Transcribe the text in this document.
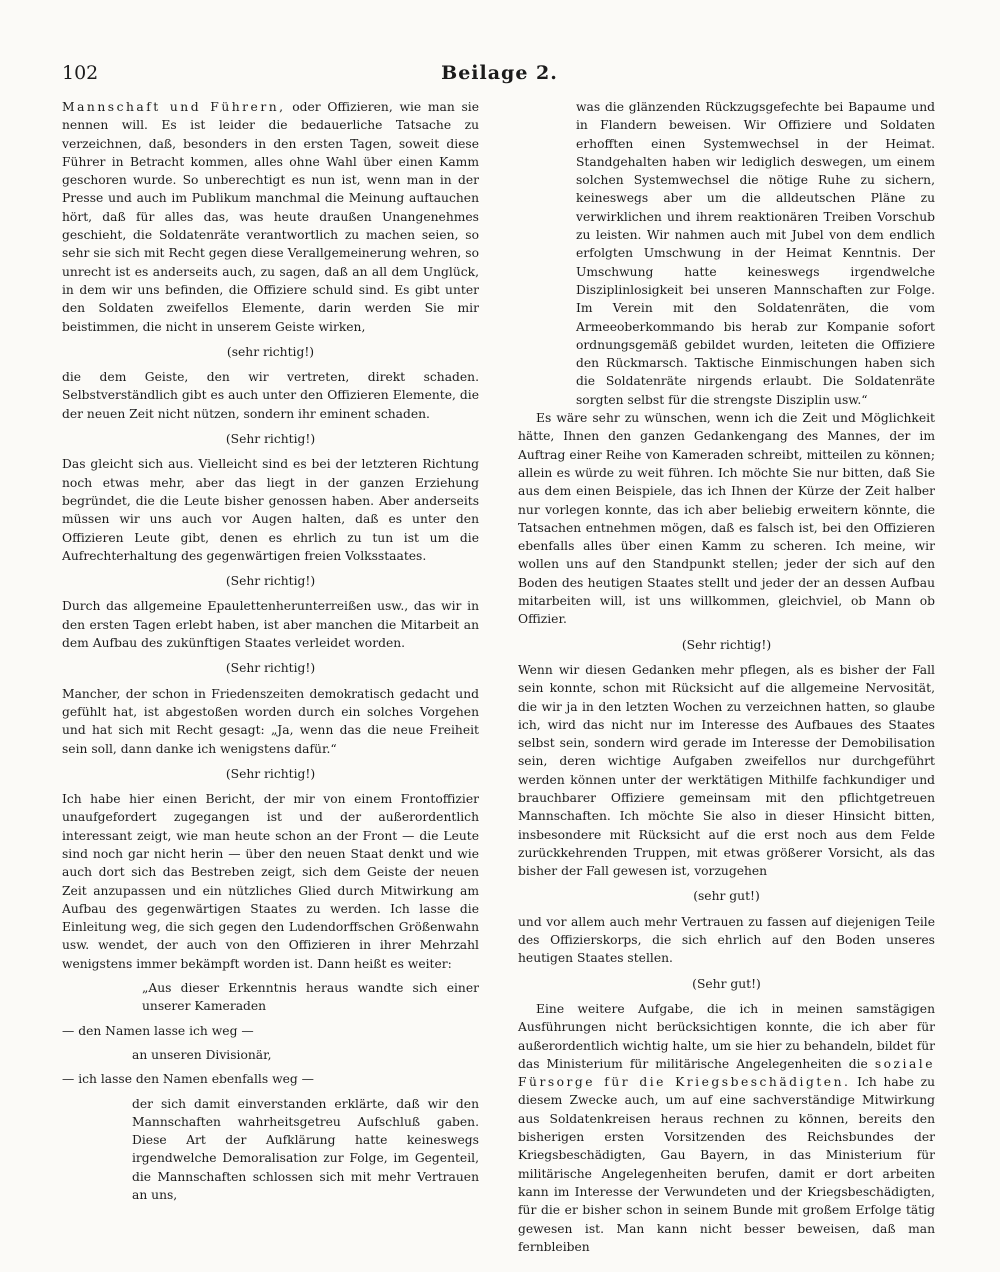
102	Beilage 2.

Mannschaft und Führern, oder Offizieren, wie man sie nennen will. Es ist leider die bedauerliche Tatsache zu verzeichnen, daß, besonders in den ersten Tagen, soweit diese Führer in Betracht kommen, alles ohne Wahl über einen Kamm geschoren wurde. So unberechtigt es nun ist, wenn man in der Presse und auch im Publikum manchmal die Meinung auftauchen hört, daß für alles das, was heute draußen Unangenehmes geschieht, die Soldatenräte verantwortlich zu machen seien, so sehr sie sich mit Recht gegen diese Verallgemeinerung wehren, so unrecht ist es anderseits auch, zu sagen, daß an all dem Unglück, in dem wir uns befinden, die Offiziere schuld sind. Es gibt unter den Soldaten zweifellos Elemente, darin werden Sie mir beistimmen, die nicht in unserem Geiste wirken,

(sehr richtig!)

die dem Geiste, den wir vertreten, direkt schaden. Selbstverständlich gibt es auch unter den Offizieren Elemente, die der neuen Zeit nicht nützen, sondern ihr eminent schaden.

(Sehr richtig!)

Das gleicht sich aus. Vielleicht sind es bei der letzteren Richtung noch etwas mehr, aber das liegt in der ganzen Erziehung begründet, die die Leute bisher genossen haben. Aber anderseits müssen wir uns auch vor Augen halten, daß es unter den Offizieren Leute gibt, denen es ehrlich zu tun ist um die Aufrechterhaltung des gegenwärtigen freien Volksstaates.

(Sehr richtig!)

Durch das allgemeine Epaulettenherunterreißen usw., das wir in den ersten Tagen erlebt haben, ist aber manchen die Mitarbeit an dem Aufbau des zukünftigen Staates verleidet worden.

(Sehr richtig!)

Mancher, der schon in Friedenszeiten demokratisch gedacht und gefühlt hat, ist abgestoßen worden durch ein solches Vorgehen und hat sich mit Recht gesagt: „Ja, wenn das die neue Freiheit sein soll, dann danke ich wenigstens dafür.“

(Sehr richtig!)

Ich habe hier einen Bericht, der mir von einem Frontoffizier unaufgefordert zugegangen ist und der außerordentlich interessant zeigt, wie man heute schon an der Front — die Leute sind noch gar nicht herin — über den neuen Staat denkt und wie auch dort sich das Bestreben zeigt, sich dem Geiste der neuen Zeit anzupassen und ein nützliches Glied durch Mitwirkung am Aufbau des gegenwärtigen Staates zu werden. Ich lasse die Einleitung weg, die sich gegen den Ludendorffschen Größenwahn usw. wendet, der auch von den Offizieren in ihrer Mehrzahl wenigstens immer bekämpft worden ist. Dann heißt es weiter:

„Aus dieser Erkenntnis heraus wandte sich einer unserer Kameraden

— den Namen lasse ich weg —

an unseren Divisionär,

— ich lasse den Namen ebenfalls weg —

der sich damit einverstanden erklärte, daß wir den Mannschaften wahrheitsgetreu Aufschluß gaben. Diese Art der Aufklärung hatte keineswegs irgendwelche Demoralisation zur Folge, im Gegenteil, die Mannschaften schlossen sich mit mehr Vertrauen an uns,

was die glänzenden Rückzugsgefechte bei Bapaume und in Flandern beweisen. Wir Offiziere und Soldaten erhofften einen Systemwechsel in der Heimat. Standgehalten haben wir lediglich deswegen, um einem solchen Systemwechsel die nötige Ruhe zu sichern, keineswegs aber um die alldeutschen Pläne zu verwirklichen und ihrem reaktionären Treiben Vorschub zu leisten. Wir nahmen auch mit Jubel von dem endlich erfolgten Umschwung in der Heimat Kenntnis. Der Umschwung hatte keineswegs irgendwelche Disziplinlosigkeit bei unseren Mannschaften zur Folge. Im Verein mit den Soldatenräten, die vom Armeeoberkommando bis herab zur Kompanie sofort ordnungsgemäß gebildet wurden, leiteten die Offiziere den Rückmarsch. Taktische Einmischungen haben sich die Soldatenräte nirgends erlaubt. Die Soldatenräte sorgten selbst für die strengste Disziplin usw.“

Es wäre sehr zu wünschen, wenn ich die Zeit und Möglichkeit hätte, Ihnen den ganzen Gedankengang des Mannes, der im Auftrag einer Reihe von Kameraden schreibt, mitteilen zu können; allein es würde zu weit führen. Ich möchte Sie nur bitten, daß Sie aus dem einen Beispiele, das ich Ihnen der Kürze der Zeit halber nur vorlegen konnte, das ich aber beliebig erweitern könnte, die Tatsachen entnehmen mögen, daß es falsch ist, bei den Offizieren ebenfalls alles über einen Kamm zu scheren. Ich meine, wir wollen uns auf den Standpunkt stellen; jeder der sich auf den Boden des heutigen Staates stellt und jeder der an dessen Aufbau mitarbeiten will, ist uns willkommen, gleichviel, ob Mann ob Offizier.

(Sehr richtig!)

Wenn wir diesen Gedanken mehr pflegen, als es bisher der Fall sein konnte, schon mit Rücksicht auf die allgemeine Nervosität, die wir ja in den letzten Wochen zu verzeichnen hatten, so glaube ich, wird das nicht nur im Interesse des Aufbaues des Staates selbst sein, sondern wird gerade im Interesse der Demobilisation sein, deren wichtige Aufgaben zweifellos nur durchgeführt werden können unter der werktätigen Mithilfe fachkundiger und brauchbarer Offiziere gemeinsam mit den pflichtgetreuen Mannschaften. Ich möchte Sie also in dieser Hinsicht bitten, insbesondere mit Rücksicht auf die erst noch aus dem Felde zurückkehrenden Truppen, mit etwas größerer Vorsicht, als das bisher der Fall gewesen ist, vorzugehen

(sehr gut!)

und vor allem auch mehr Vertrauen zu fassen auf diejenigen Teile des Offizierskorps, die sich ehrlich auf den Boden unseres heutigen Staates stellen.

(Sehr gut!)

Eine weitere Aufgabe, die ich in meinen samstägigen Ausführungen nicht berücksichtigen konnte, die ich aber für außerordentlich wichtig halte, um sie hier zu behandeln, bildet für das Ministerium für militärische Angelegenheiten die soziale Fürsorge für die Kriegsbeschädigten. Ich habe zu diesem Zwecke auch, um auf eine sachverständige Mitwirkung aus Soldatenkreisen heraus rechnen zu können, bereits den bisherigen ersten Vorsitzenden des Reichsbundes der Kriegsbeschädigten, Gau Bayern, in das Ministerium für militärische Angelegenheiten berufen, damit er dort arbeiten kann im Interesse der Verwundeten und der Kriegsbeschädigten, für die er bisher schon in seinem Bunde mit großem Erfolge tätig gewesen ist. Man kann nicht besser beweisen, daß man fernbleiben
